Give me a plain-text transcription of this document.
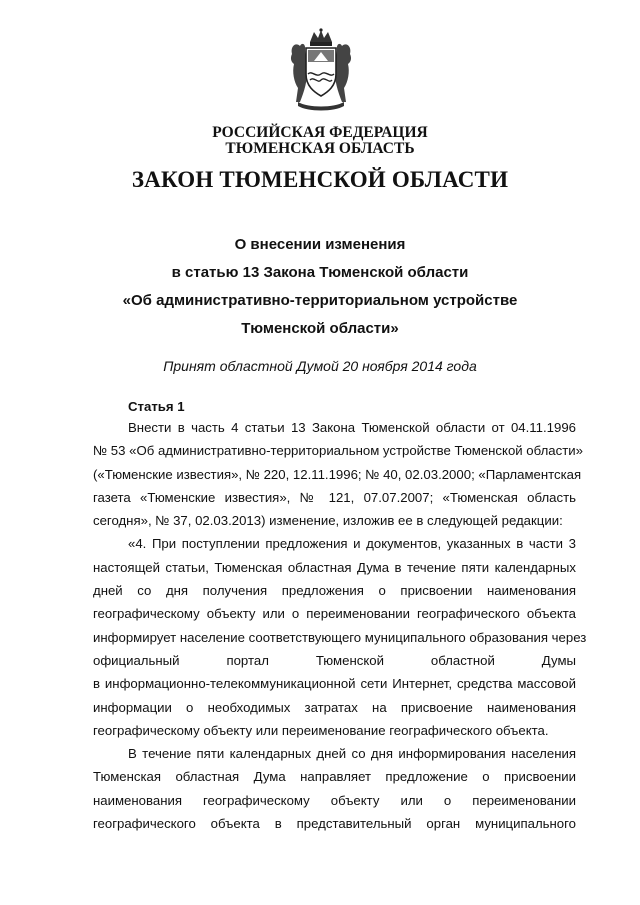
РОССИЙСКАЯ ФЕДЕРАЦИЯ
ТЮМЕНСКАЯ ОБЛАСТЬ
ЗАКОН ТЮМЕНСКОЙ ОБЛАСТИ
О внесении изменения
в статью 13 Закона Тюменской области
«Об административно-территориальном устройстве
Тюменской области»
Принят областной Думой 20 ноября 2014 года
Статья 1
Внести в часть 4 статьи 13 Закона Тюменской области от 04.11.1996
№ 53 «Об административно-территориальном устройстве Тюменской области»
(«Тюменские известия», № 220, 12.11.1996; № 40, 02.03.2000; «Парламентская
газета «Тюменские известия», № 121, 07.07.2007; «Тюменская область
сегодня», № 37, 02.03.2013) изменение, изложив ее в следующей редакции:
«4. При поступлении предложения и документов, указанных в части 3
настоящей статьи, Тюменская областная Дума в течение пяти календарных
дней со дня получения предложения о присвоении наименования
географическому объекту или о переименовании географического объекта
информирует население соответствующего муниципального образования через
официальный портал Тюменской областной Думы
в информационно-телекоммуникационной сети Интернет, средства массовой
информации о необходимых затратах на присвоение наименования
географическому объекту или переименование географического объекта.
В течение пяти календарных дней со дня информирования населения
Тюменская областная Дума направляет предложение о присвоении
наименования географическому объекту или о переименовании
географического объекта в представительный орган муниципального
